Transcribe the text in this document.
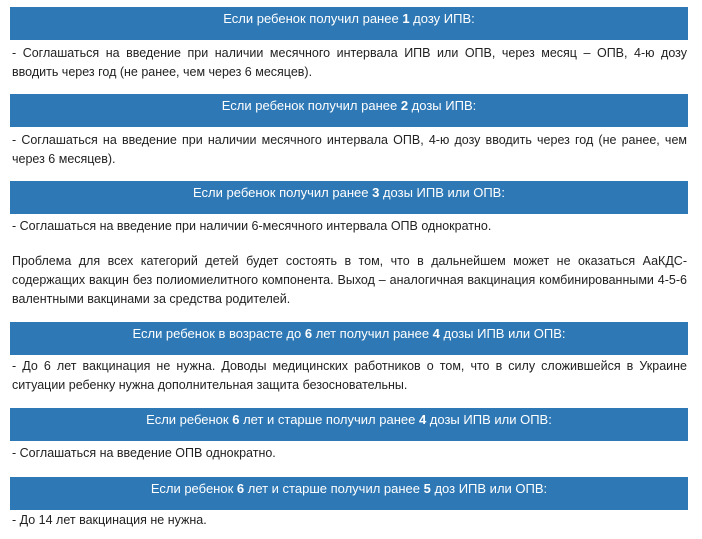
Если ребенок получил ранее 1 дозу ИПВ:
- Соглашаться на введение при наличии месячного интервала ИПВ или ОПВ, через месяц – ОПВ, 4-ю дозу вводить через год (не ранее, чем через 6 месяцев).
Если ребенок получил ранее 2 дозы ИПВ:
- Соглашаться на введение при наличии месячного интервала ОПВ, 4-ю дозу вводить через год (не ранее, чем через 6 месяцев).
Если ребенок получил ранее 3 дозы ИПВ или ОПВ:
- Соглашаться на введение при наличии 6-месячного интервала ОПВ однократно.
Проблема для всех категорий детей будет состоять в том, что в дальнейшем может не оказаться АаКДС-содержащих вакцин без полиомиелитного компонента. Выход – аналогичная вакцинация комбинированными 4-5-6 валентными вакцинами за средства родителей.
Если ребенок в возрасте до 6 лет получил ранее 4 дозы ИПВ или ОПВ:
- До 6 лет вакцинация не нужна. Доводы медицинских работников о том, что в силу сложившейся в Украине ситуации ребенку нужна дополнительная защита безосновательны.
Если ребенок 6 лет и старше получил ранее 4 дозы ИПВ или ОПВ:
- Соглашаться на введение ОПВ однократно.
Если ребенок 6 лет и старше получил ранее 5 доз ИПВ или ОПВ:
- До 14 лет вакцинация не нужна.
